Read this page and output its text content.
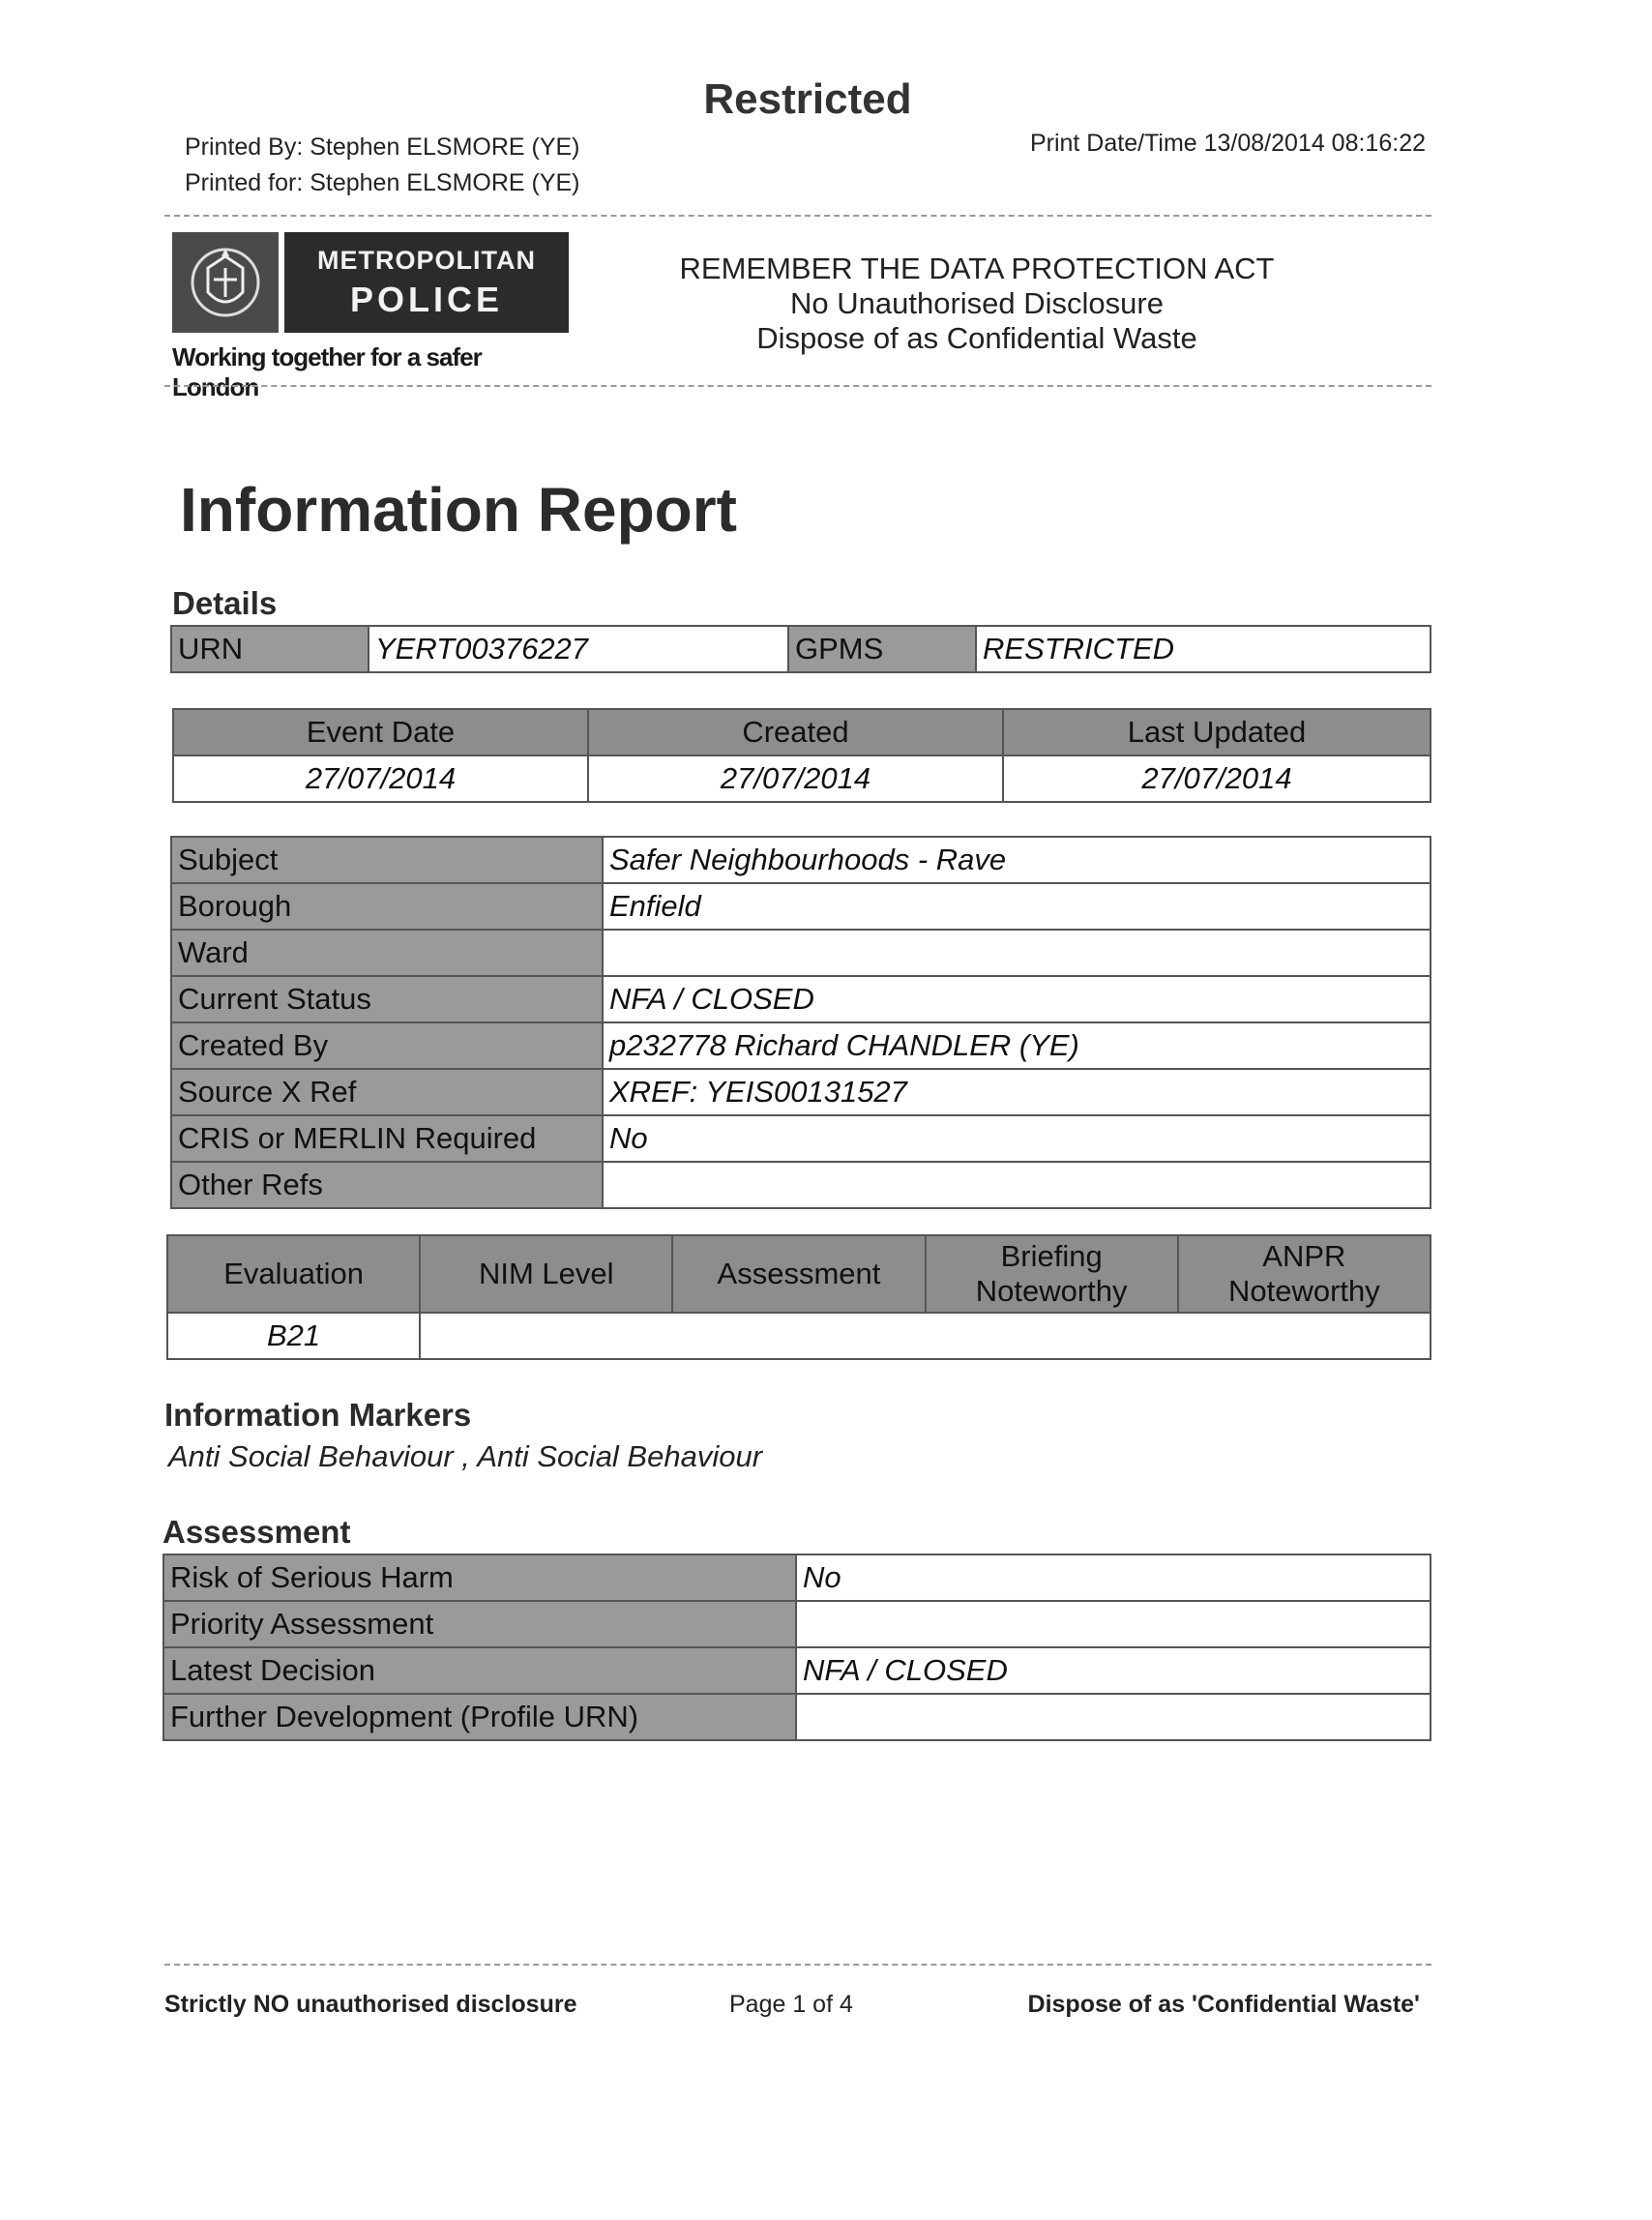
Restricted
Printed By: Stephen ELSMORE (YE)
Printed for: Stephen ELSMORE (YE)
Print Date/Time 13/08/2014 08:16:22
METROPOLITAN
POLICE
Working together for a safer London
REMEMBER THE DATA PROTECTION ACT
No Unauthorised Disclosure
Dispose of as Confidential Waste
Information Report
Details
URN	YERT00376227	GPMS	RESTRICTED
Event Date	Created	Last Updated
27/07/2014	27/07/2014	27/07/2014
Subject	Safer Neighbourhoods - Rave
Borough	Enfield
Ward	
Current Status	NFA / CLOSED
Created By	p232778 Richard CHANDLER (YE)
Source X Ref	XREF: YEIS00131527
CRIS or MERLIN Required	No
Other Refs	
Evaluation	NIM Level	Assessment	Briefing Noteworthy	ANPR Noteworthy
B21				
Information Markers
Anti Social Behaviour , Anti Social Behaviour
Assessment
Risk of Serious Harm	No
Priority Assessment	
Latest Decision	NFA / CLOSED
Further Development (Profile URN)	
Strictly NO unauthorised disclosure	Page 1 of 4	Dispose of as 'Confidential Waste'
